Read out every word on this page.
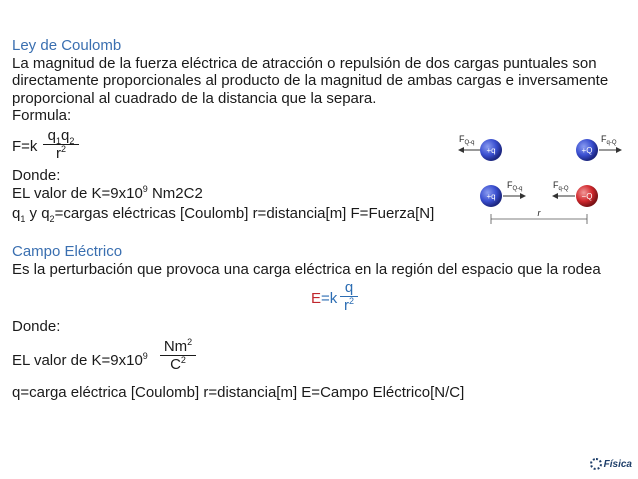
Ley de Coulomb
La magnitud de la fuerza eléctrica de atracción o repulsión de dos cargas puntuales son directamente proporcionales al producto de la magnitud de ambas cargas e inversamente proporcional al cuadrado de la distancia que la separa.
Formula:
F=k
$q_1q_2$
$r^2$
Donde:
EL valor de $K=9x10^9$ Nm2C2
$q_1$ y $q_2=cargas$ eléctricas [Coulomb] r=distancia[m] F=Fuerza[N]
$F_{Q-q}$
+q	+Q
$F_{q-Q}$
+q
$F_{Q-q}$	$F_{q-Q}$
−Q
r
Campo Eléctrico
Es la perturbación que provoca una carga eléctrica en la región del espacio que la rodea
E=k
q
$r^2$
Donde:
EL valor de $K=9x10^9$
Nm$^2$
$C^2$
q=carga eléctrica [Coulomb] r=distancia[m] E=Campo Eléctrico[N/C]
Física
